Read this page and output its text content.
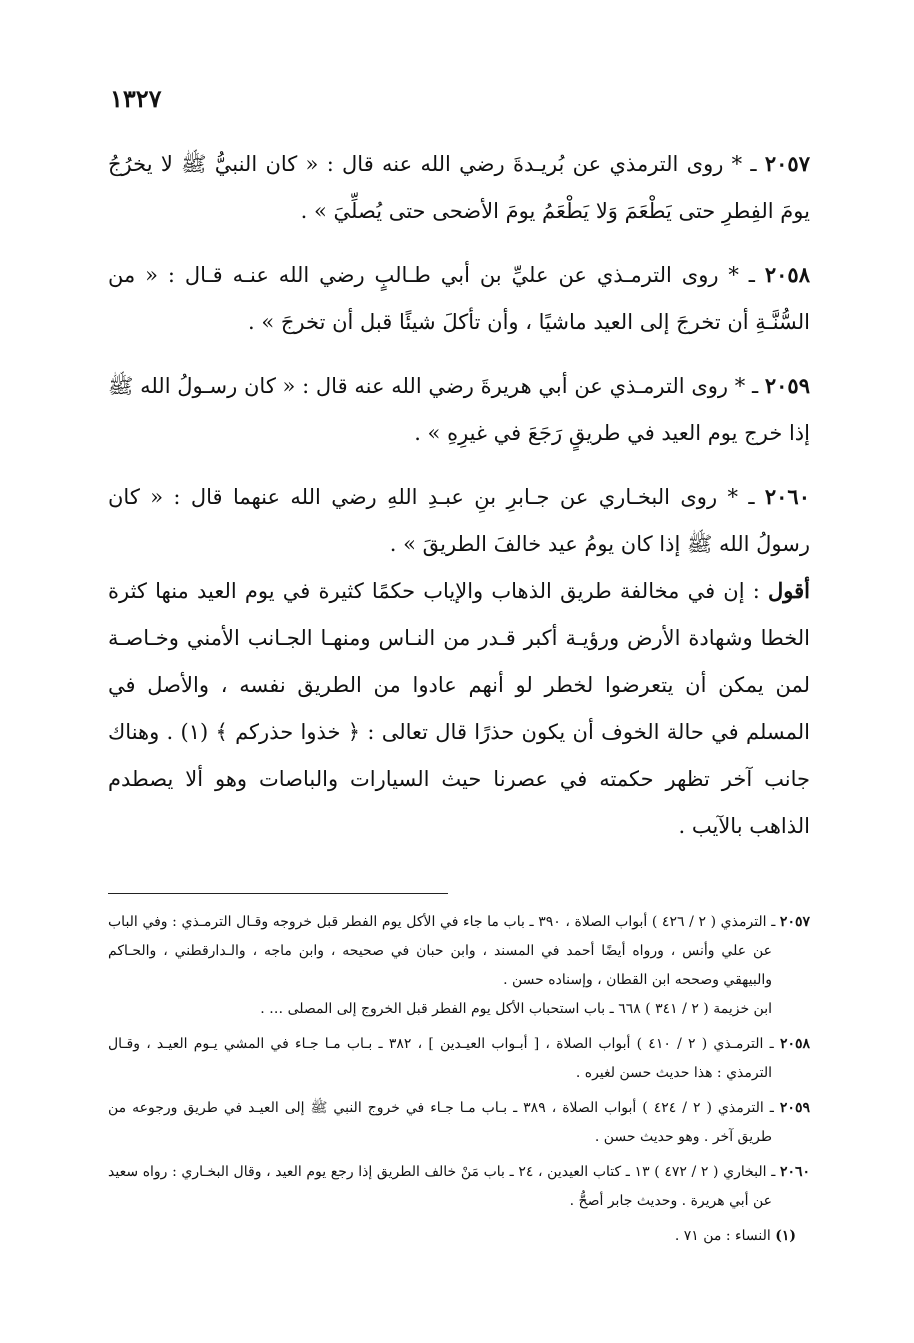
١٣٢٧

٢٠٥٧ ـ * روى الترمذي عن بُريـدةَ رضي الله عنه قال : « كان النبيُّ ﷺ لا يخرُجُ يومَ الفِطرِ حتى يَطْعَمَ وَلا يَطْعَمُ يومَ الأضحى حتى يُصلِّيَ » .

٢٠٥٨ ـ * روى الترمـذي عن عليِّ بن أبي طـالبٍ رضي الله عنـه قـال : « من السُّنَّـةِ أن تخرجَ إلى العيد ماشيًا ، وأن تأكلَ شيئًا قبل أن تخرجَ » .

٢٠٥٩ ـ * روى الترمـذي عن أبي هريرةَ رضي الله عنه قال : « كان رسـولُ الله ﷺ إذا خرج يوم العيد في طريقٍ رَجَعَ في غيرِهِ » .

٢٠٦٠ ـ * روى البخـاري عن جـابرِ بنِ عبـدِ اللهِ رضي الله عنهما قال : « كان رسولُ الله ﷺ إذا كان يومُ عيد خالفَ الطريقَ » .

أقول : إن في مخالفة طريق الذهاب والإياب حكمًا كثيرة في يوم العيد منها كثرة الخطا وشهادة الأرض ورؤيـة أكبر قـدر من النـاس ومنهـا الجـانب الأمني وخـاصـة لمن يمكن أن يتعرضوا لخطر لو أنهم عادوا من الطريق نفسه ، والأصل في المسلم في حالة الخوف أن يكون حذرًا قال تعالى : ﴿ خذوا حذركم ﴾ (١) . وهناك جانب آخر تظهر حكمته في عصرنا حيث السيارات والباصات وهو ألا يصطدم الذاهب بالآيب .

٢٠٥٧ ـ الترمذي ( ٢ / ٤٢٦ ) أبواب الصلاة ، ٣٩٠ ـ باب ما جاء في الأكل يوم الفطر قبل خروجه وقـال الترمـذي : وفي الباب عن علي وأنس ، ورواه أيضًا أحمد في المسند ، وابن حبان في صحيحه ، وابن ماجه ، والـدارقطني ، والحـاكم والبيهقي وصححه ابن القطان ، وإسناده حسن .
ابن خزيمة ( ٢ / ٣٤١ ) ٦٦٨ ـ باب استحباب الأكل يوم الفطر قبل الخروج إلى المصلى … .

٢٠٥٨ ـ الترمـذي ( ٢ / ٤١٠ ) أبواب الصلاة ، [ أبـواب العيـدين ] ، ٣٨٢ ـ بـاب مـا جـاء في المشي يـوم العيـد ، وقـال الترمذي : هذا حديث حسن لغيره .

٢٠٥٩ ـ الترمذي ( ٢ / ٤٢٤ ) أبواب الصلاة ، ٣٨٩ ـ بـاب مـا جـاء في خروج النبي ﷺ إلى العيـد في طريق ورجوعه من طريق آخر . وهو حديث حسن .

٢٠٦٠ ـ البخاري ( ٢ / ٤٧٢ ) ١٣ ـ كتاب العيدين ، ٢٤ ـ باب مَنْ خالف الطريق إذا رجع يوم العيد ، وقال البخـاري : رواه سعيد عن أبي هريرة . وحديث جابر أصحُّ .

(١) النساء : من ٧١ .
